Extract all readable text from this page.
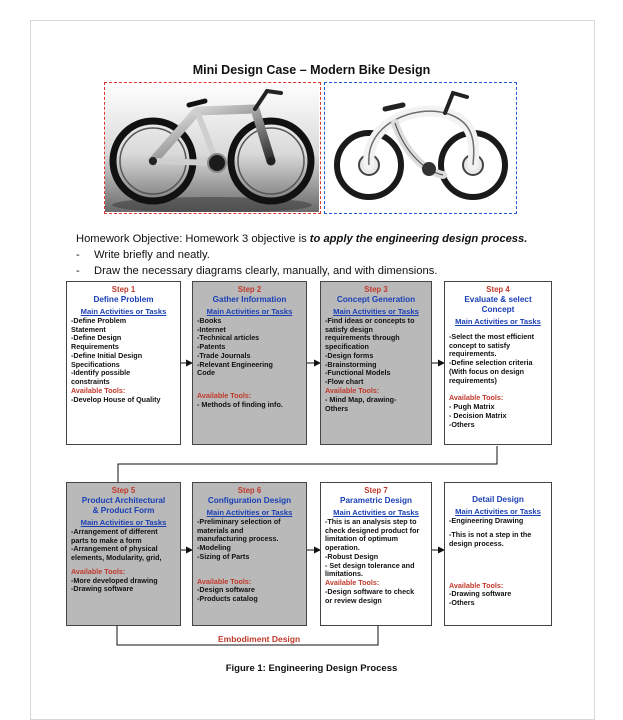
Mini Design Case – Modern Bike Design
Homework Objective: Homework 3 objective is to apply the engineering design process.
- Write briefly and neatly.
- Draw the necessary diagrams clearly, manually, and with dimensions.
Step 1
Define Problem
Main Activities or Tasks
-Define Problem
Statement
-Define Design
Requirements
-Define Initial Design
Specifications
-Identify possible
constraints
Available Tools:
-Develop House of Quality
Step 2
Gather Information
Main Activities or Tasks
-Books
-Internet
-Technical articles
-Patents
-Trade Journals
-Relevant Engineering
Code
Available Tools:
- Methods of finding info.
Step 3
Concept Generation
Main Activities or Tasks
-Find ideas or concepts to
satisfy design
requirements through
specification
-Design forms
-Brainstorming
-Functional Models
-Flow chart
Available Tools:
- Mind Map, drawing-
Others
Step 4
Evaluate & select
Concept
Main Activities or Tasks
-Select the most efficient
concept to satisfy
requirements.
-Define selection criteria
(With focus on design
requirements)
Available Tools:
- Pugh Matrix
- Decision Matrix
-Others
Step 5
Product Architectural
& Product Form
Main Activities or Tasks
-Arrangement of different
parts to make a form
-Arrangement of physical
elements, Modularity, grid,
Available Tools:
-More developed drawing
-Drawing software
Step 6
Configuration Design
Main Activities or Tasks
-Preliminary selection of
materials and
manufacturing process.
-Modeling
-Sizing of Parts
Available Tools:
-Design software
-Products catalog
Step 7
Parametric Design
Main Activities or Tasks
-This is an analysis step to
check designed product for
limitation of optimum
operation.
-Robust Design
- Set design tolerance and
limitations.
Available Tools:
-Design software to check
or review design
Detail Design
Main Activities or Tasks
-Engineering Drawing
-This is not a step in the
design process.
Available Tools:
-Drawing software
-Others
Embodiment Design
Figure 1: Engineering Design Process
